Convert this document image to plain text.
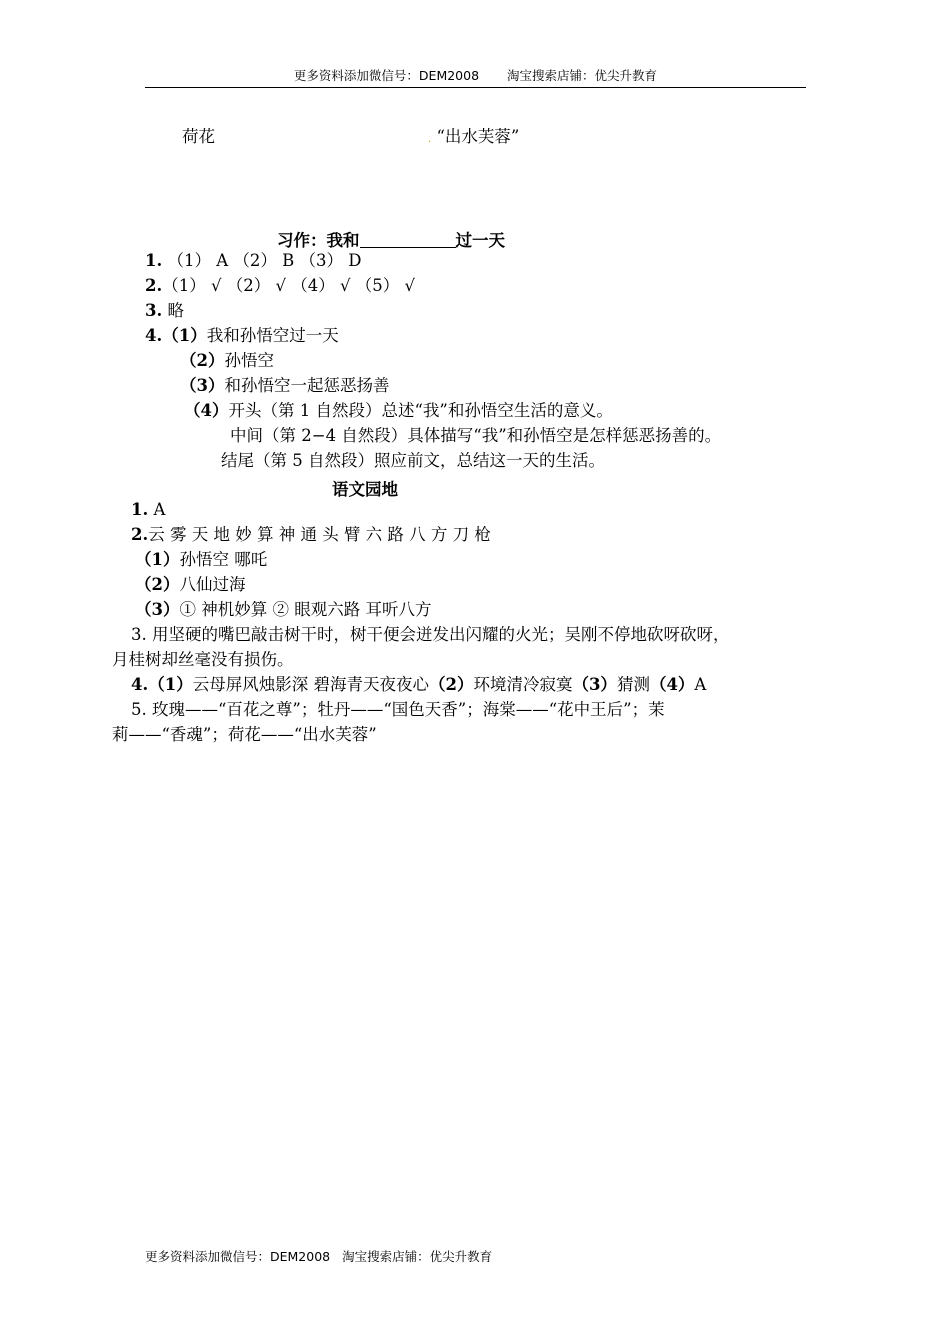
更多资料添加微信号：DEM2008 淘宝搜索店铺：优尖升教育
荷花	. “出水芙蓉”
习作：我和	过一天
1. （1） A （2） B （3） D
2.（1） √ （2） √ （4） √ （5） √
3. 略
4.（1）我和孙悟空过一天
（2）孙悟空
（3）和孙悟空一起惩恶扬善
（4）开头（第 1 自然段）总述“我”和孙悟空生活的意义。
中间（第 2−4 自然段）具体描写“我”和孙悟空是怎样惩恶扬善的。
结尾（第 5 自然段）照应前文，总结这一天的生活。
语文园地
1. A
2.云 雾 天 地 妙 算 神 通 头 臂 六 路 八 方 刀 枪
（1）孙悟空 哪吒
（2）八仙过海
（3）① 神机妙算 ② 眼观六路 耳听八方
3. 用坚硬的嘴巴敲击树干时，树干便会迸发出闪耀的火光；吴刚不停地砍呀砍呀，
月桂树却丝毫没有损伤。
4.（1）云母屏风烛影深 碧海青天夜夜心（2）环境清冷寂寞（3）猜测（4）A
5. 玫瑰——“百花之尊”；牡丹——“国色天香”；海棠——“花中王后”；茉
莉——“香魂”；荷花——“出水芙蓉”
更多资料添加微信号：DEM2008 淘宝搜索店铺：优尖升教育
